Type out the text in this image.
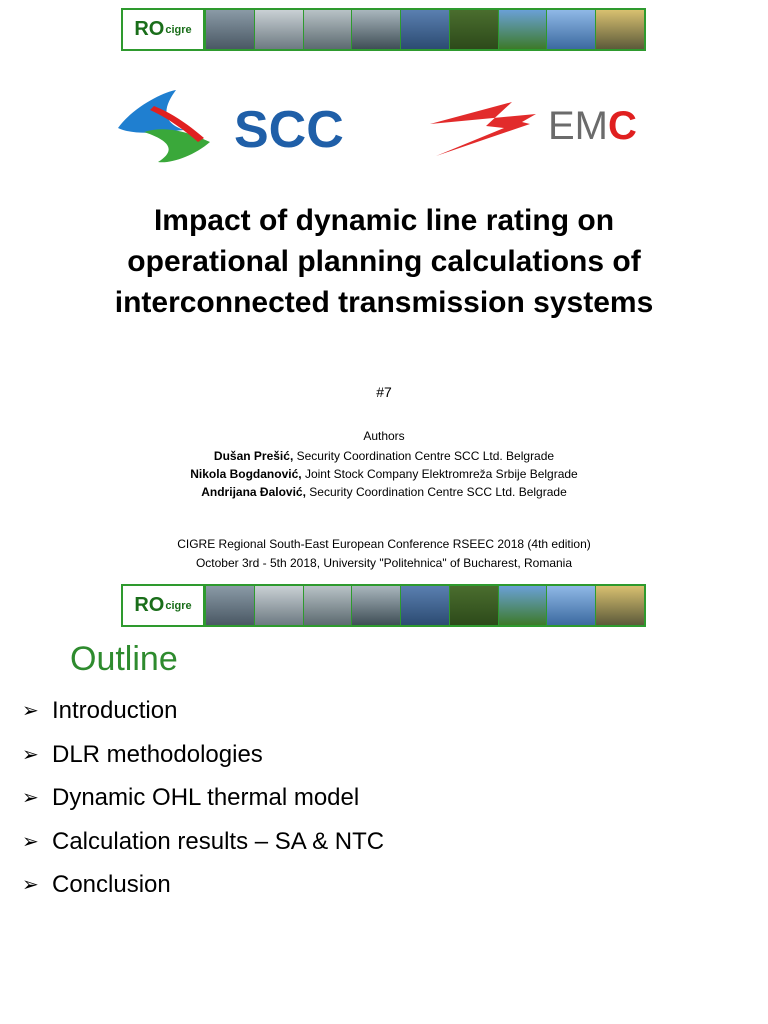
RO cigre
SCC	EMC
Impact of dynamic line rating on
operational planning calculations of
interconnected transmission systems
#7
Authors
Dušan Prešić, Security Coordination Centre SCC Ltd. Belgrade
Nikola Bogdanović, Joint Stock Company Elektromreža Srbije Belgrade
Andrijana Đalović, Security Coordination Centre SCC Ltd. Belgrade
CIGRE Regional South-East European Conference RSEEC 2018 (4th edition)
October 3rd - 5th 2018, University "Politehnica" of Bucharest, Romania
RO cigre
Outline
➢ Introduction
➢ DLR methodologies
➢ Dynamic OHL thermal model
➢ Calculation results – SA & NTC
➢ Conclusion
